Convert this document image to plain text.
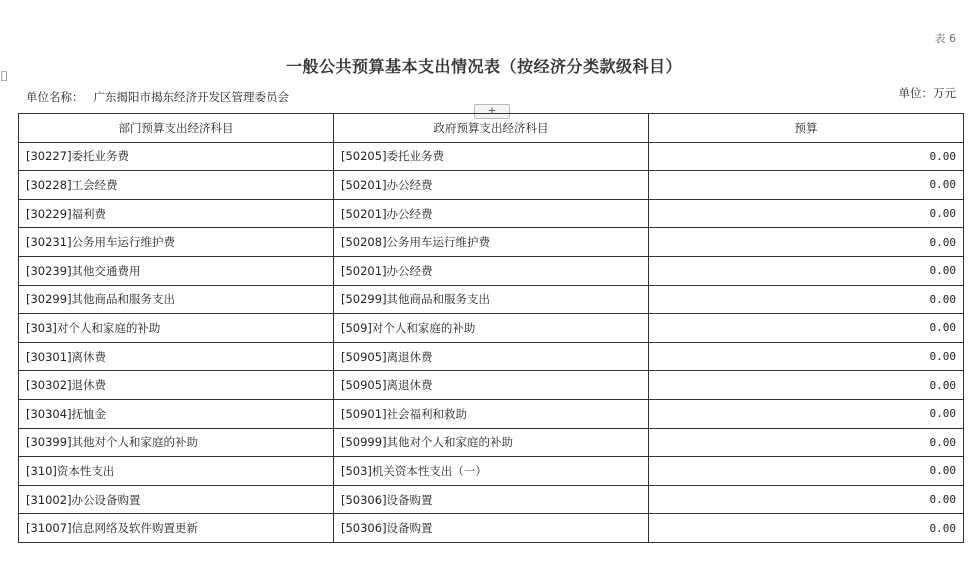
表 6
⌷
一般公共预算基本支出情况表（按经济分类款级科目）
单位名称： 广东揭阳市揭东经济开发区管理委员会	单位：万元
+
部门预算支出经济科目	政府预算支出经济科目	预算
[30227]委托业务费	[50205]委托业务费	0.00
[30228]工会经费	[50201]办公经费	0.00
[30229]福利费	[50201]办公经费	0.00
[30231]公务用车运行维护费	[50208]公务用车运行维护费	0.00
[30239]其他交通费用	[50201]办公经费	0.00
[30299]其他商品和服务支出	[50299]其他商品和服务支出	0.00
[303]对个人和家庭的补助	[509]对个人和家庭的补助	0.00
[30301]离休费	[50905]离退休费	0.00
[30302]退休费	[50905]离退休费	0.00
[30304]抚恤金	[50901]社会福利和救助	0.00
[30399]其他对个人和家庭的补助	[50999]其他对个人和家庭的补助	0.00
[310]资本性支出	[503]机关资本性支出（一）	0.00
[31002]办公设备购置	[50306]设备购置	0.00
[31007]信息网络及软件购置更新	[50306]设备购置	0.00
